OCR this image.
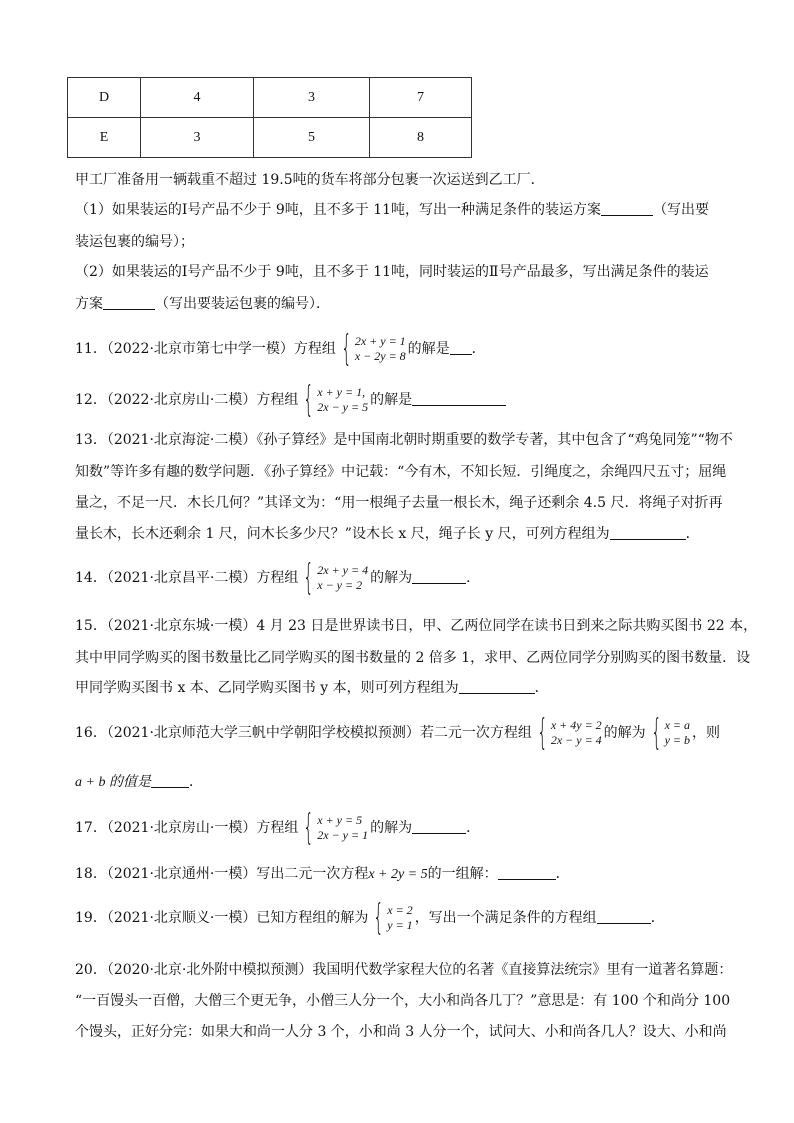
D	4	3	7
E	3	5	8
甲工厂准备用一辆载重不超过 19.5吨的货车将部分包裹一次运送到乙工厂．
（1）如果装运的Ⅰ号产品不少于 9吨，且不多于 11吨，写出一种满足条件的装运方案	（写出要
装运包裹的编号）；
（2）如果装运的Ⅰ号产品不少于 9吨，且不多于 11吨，同时装运的Ⅱ号产品最多，写出满足条件的装运
方案	（写出要装运包裹的编号）．
11．（2022·北京市第七中学一模）方程组 { 2x + y = 1
x − 2y = 8 的解是 ．
12．（2022·北京房山·二模）方程组 { x + y = 1,
2x − y = 5 的解是
13．（2021·北京海淀·二模）《孙子算经》是中国南北朝时期重要的数学专著，其中包含了“鸡兔同笼”“物不
知数”等许多有趣的数学问题．《孙子算经》中记载：“今有木，不知长短．引绳度之，余绳四尺五寸；屈绳
量之，不足一尺．木长几何？”其译文为：“用一根绳子去量一根长木，绳子还剩余 4.5 尺．将绳子对折再
量长木，长木还剩余 1 尺，问木长多少尺？”设木长 x 尺，绳子长 y 尺，可列方程组为	．
14．（2021·北京昌平·二模）方程组 { 2x + y = 4
x − y = 2 的解为	．
15．（2021·北京东城·一模）4 月 23 日是世界读书日，甲、乙两位同学在读书日到来之际共购买图书 22 本，
其中甲同学购买的图书数量比乙同学购买的图书数量的 2 倍多 1，求甲、乙两位同学分别购买的图书数量．设
甲同学购买图书 x 本、乙同学购买图书 y 本，则可列方程组为	．
16．（2021·北京师范大学三帆中学朝阳学校模拟预测）若二元一次方程组 { x + 4y = 2
2x − y = 4 的解为 { x = a
y = b ，则
a + b 的值是	．
17．（2021·北京房山·一模）方程组 { x + y = 5
2x − y = 1 的解为	．
18．（2021·北京通州·一模）写出二元一次方程x + 2y = 5的一组解：	．
19．（2021·北京顺义·一模）已知方程组的解为 { x = 2
y = 1 ，写出一个满足条件的方程组	．
20．（2020·北京·北外附中模拟预测）我国明代数学家程大位的名著《直接算法统宗》里有一道著名算题：
“一百馒头一百僧，大僧三个更无争，小僧三人分一个，大小和尚各几丁？”意思是：有 100 个和尚分 100
个馒头，正好分完：如果大和尚一人分 3 个，小和尚 3 人分一个，试问大、小和尚各几人？设大、小和尚
